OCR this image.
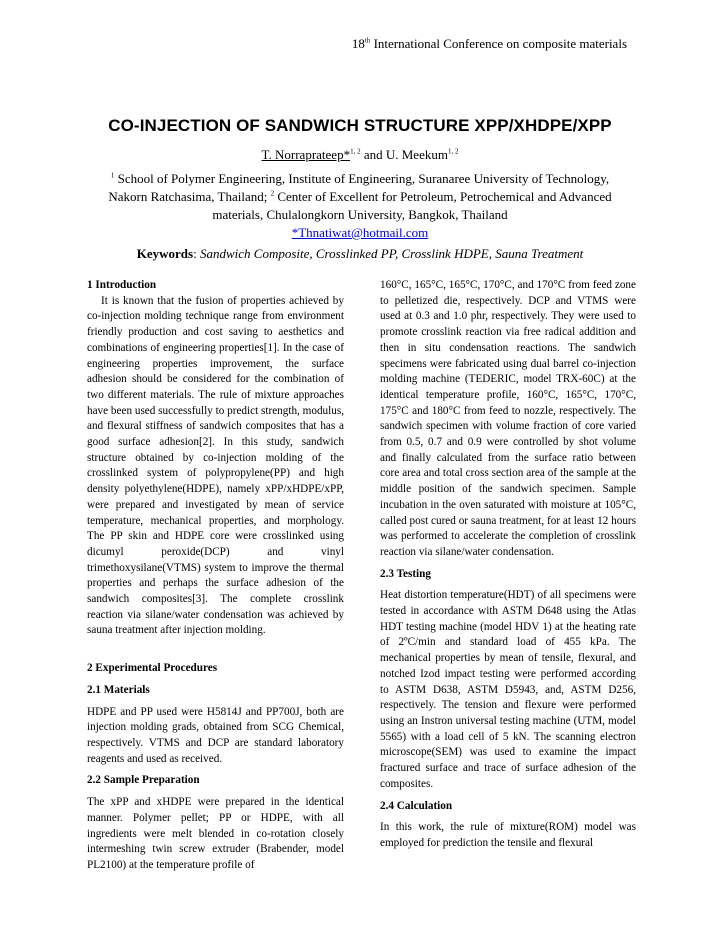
18th International Conference on composite materials
CO-INJECTION OF SANDWICH STRUCTURE XPP/XHDPE/XPP
T. Norraprateep*$^{1, 2}$ and U. Meekum$^{1, 2}$
$^1$ School of Polymer Engineering, Institute of Engineering, Suranaree University of Technology, Nakorn Ratchasima, Thailand; $^2$ Center of Excellent for Petroleum, Petrochemical and Advanced materials, Chulalongkorn University, Bangkok, Thailand
*Thnatiwat@hotmail.com
Keywords: Sandwich Composite, Crosslinked PP, Crosslink HDPE, Sauna Treatment

1 Introduction

It is known that the fusion of properties achieved by co-injection molding technique range from environment friendly production and cost saving to aesthetics and combinations of engineering properties[1]. In the case of engineering properties improvement, the surface adhesion should be considered for the combination of two different materials. The rule of mixture approaches have been used successfully to predict strength, modulus, and flexural stiffness of sandwich composites that has a good surface adhesion[2]. In this study, sandwich structure obtained by co-injection molding of the crosslinked system of polypropylene(PP) and high density polyethylene(HDPE), namely xPP/xHDPE/xPP, were prepared and investigated by mean of service temperature, mechanical properties, and morphology. The PP skin and HDPE core were crosslinked using dicumyl peroxide(DCP) and vinyl trimethoxysilane(VTMS) system to improve the thermal properties and perhaps the surface adhesion of the sandwich composites[3]. The complete crosslink reaction via silane/water condensation was achieved by sauna treatment after injection molding.

2 Experimental Procedures

2.1 Materials

HDPE and PP used were H5814J and PP700J, both are injection molding grads, obtained from SCG Chemical, respectively. VTMS and DCP are standard laboratory reagents and used as received.

2.2 Sample Preparation

The xPP and xHDPE were prepared in the identical manner. Polymer pellet; PP or HDPE, with all ingredients were melt blended in co-rotation closely intermeshing twin screw extruder (Brabender, model PL2100) at the temperature profile of

160°C, 165°C, 165°C, 170°C, and 170°C from feed zone to pelletized die, respectively. DCP and VTMS were used at 0.3 and 1.0 phr, respectively. They were used to promote crosslink reaction via free radical addition and then in situ condensation reactions. The sandwich specimens were fabricated using dual barrel co-injection molding machine (TEDERIC, model TRX-60C) at the identical temperature profile, 160°C, 165°C, 170°C, 175°C and 180°C from feed to nozzle, respectively. The sandwich specimen with volume fraction of core varied from 0.5, 0.7 and 0.9 were controlled by shot volume and finally calculated from the surface ratio between core area and total cross section area of the sample at the middle position of the sandwich specimen. Sample incubation in the oven saturated with moisture at 105°C, called post cured or sauna treatment, for at least 12 hours was performed to accelerate the completion of crosslink reaction via silane/water condensation.

2.3 Testing

Heat distortion temperature(HDT) of all specimens were tested in accordance with ASTM D648 using the Atlas HDT testing machine (model HDV 1) at the heating rate of 2ºC/min and standard load of 455 kPa. The mechanical properties by mean of tensile, flexural, and notched Izod impact testing were performed according to ASTM D638, ASTM D5943, and, ASTM D256, respectively. The tension and flexure were performed using an Instron universal testing machine (UTM, model 5565) with a load cell of 5 kN. The scanning electron microscope(SEM) was used to examine the impact fractured surface and trace of surface adhesion of the composites.

2.4 Calculation

In this work, the rule of mixture(ROM) model was employed for prediction the tensile and flexural
